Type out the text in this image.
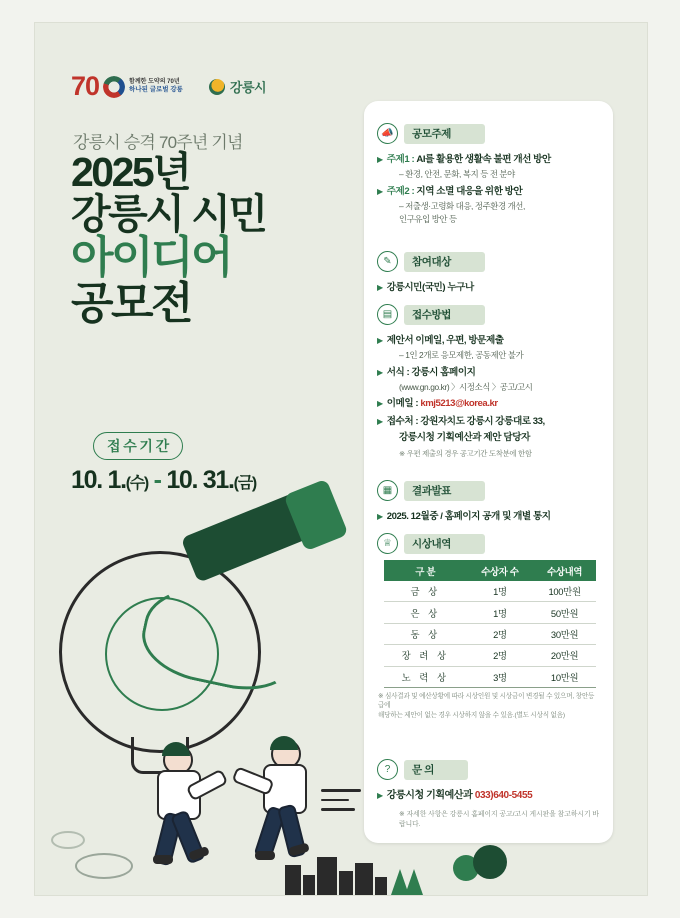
70	함께한 도약의 70년
하나된 글로벌 강릉	강릉시
강릉시 승격 70주년 기념
2025년
강릉시 시민
아이디어
공모전
접 수 기 간
10. 1.(수) - 10. 31.(금)
📣	공모주제
▶ 주제1 : AI를 활용한 생활속 불편 개선 방안
– 환경, 안전, 문화, 복지 등 전 분야
▶ 주제2 : 지역 소멸 대응을 위한 방안
– 저출생·고령화 대응, 정주환경 개선,
인구유입 방안 등
✎	참여대상
▶ 강릉시민(국민) 누구나
▤	접수방법
▶ 제안서 이메일, 우편, 방문제출
– 1인 2개로 응모제한, 공동제안 불가
▶ 서식 : 강릉시 홈페이지
(www.gn.go.kr) 〉시정소식 〉공고/고시
▶ 이메일 : kmj5213@korea.kr
▶ 접수처 : 강원자치도 강릉시 강릉대로 33,
강릉시청 기획예산과 제안 담당자
※ 우편 제출의 경우 공고기간 도착분에 한함
▦	결과발표
▶ 2025. 12월중 / 홈페이지 공개 및 개별 통지
♕	시상내역
구 분	수상자 수	수상내역
금 상	1명	100만원
은 상	1명	50만원
동 상	2명	30만원
장 려 상	2명	20만원
노 력 상	3명	10만원
※ 심사결과 및 예산상황에 따라 시상인원 및 시상금이 변경될 수 있으며, 창안등급에
해당하는 제안이 없는 경우 시상하지 않을 수 있음.(별도 시상식 없음)
?	문 의
▶ 강릉시청 기획예산과 033)640-5455
※ 자세한 사항은 강릉시 홈페이지 공고/고시 게시판을 참고하시기 바랍니다.
